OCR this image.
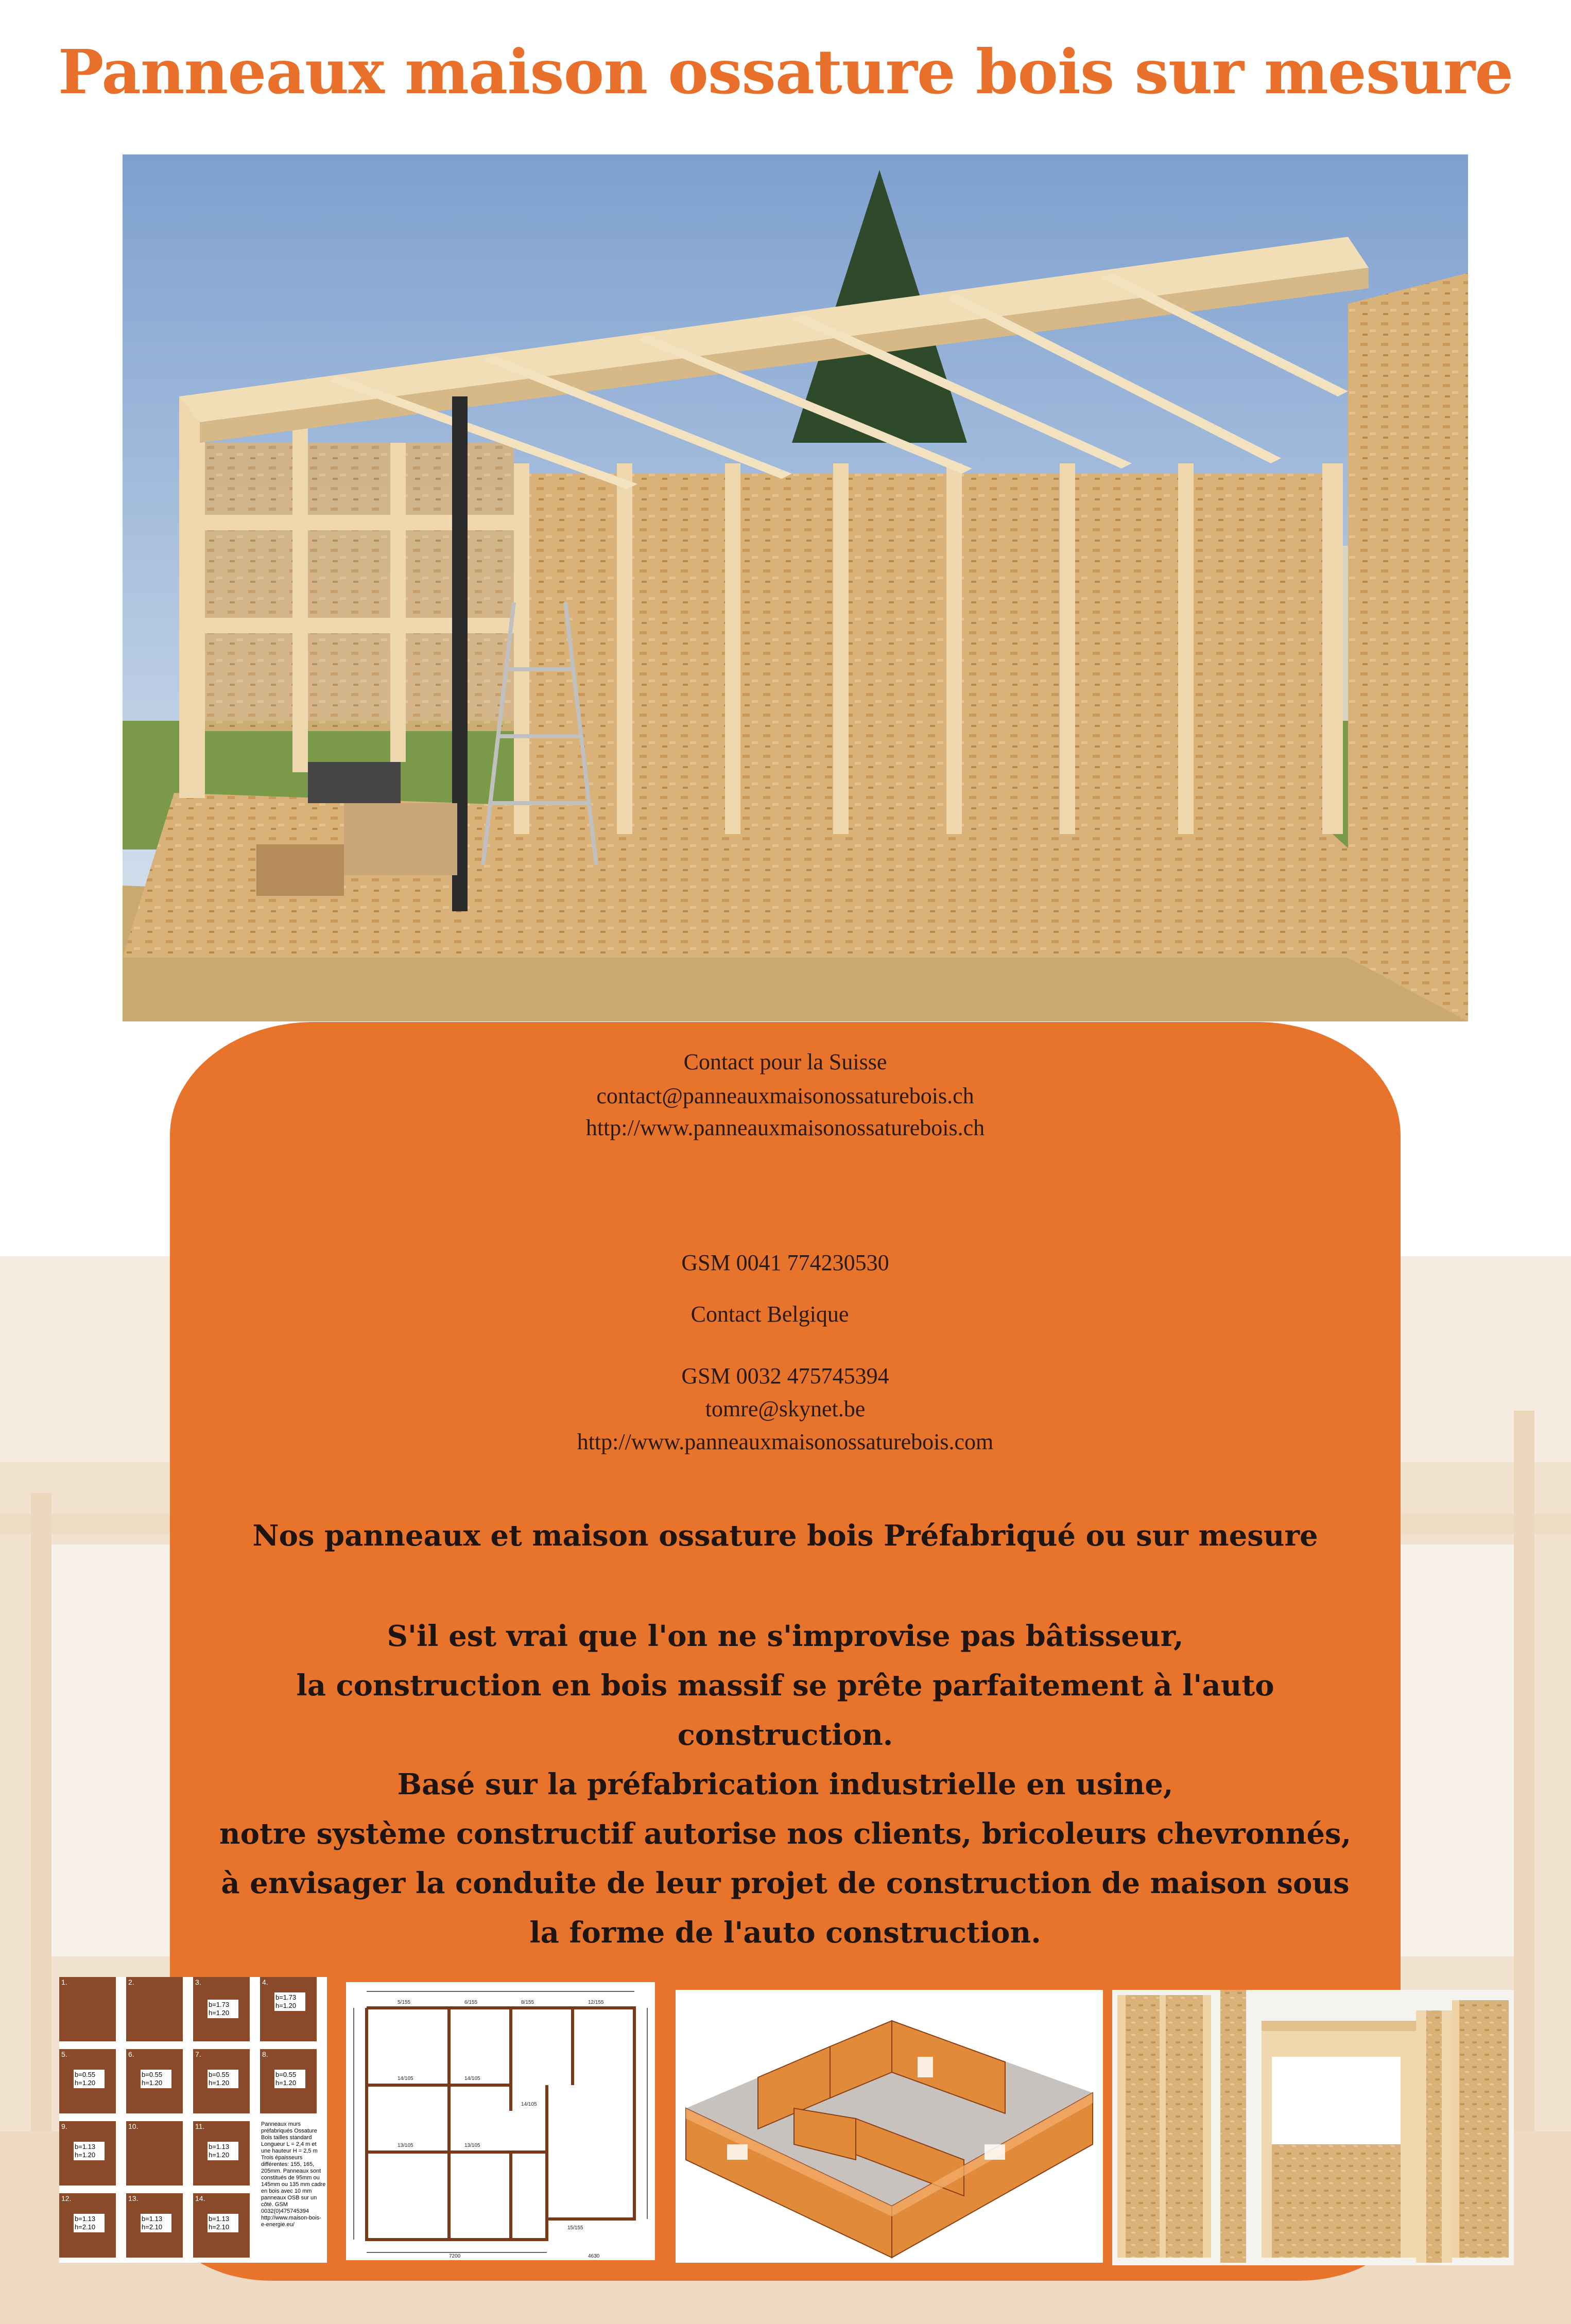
Panneaux maison ossature bois sur mesure
Contact pour la Suisse
contact@panneauxmaisonossaturebois.ch
http://www.panneauxmaisonossaturebois.ch
GSM 0041 774230530
Contact Belgique
GSM 0032 475745394
tomre@skynet.be
http://www.panneauxmaisonossaturebois.com
Nos panneaux et maison ossature bois Préfabriqué ou sur mesure
S'il est vrai que l'on ne s'improvise pas bâtisseur,
la construction en bois massif se prête parfaitement à l'auto
construction.
Basé sur la préfabrication industrielle en usine,
notre système constructif autorise nos clients, bricoleurs chevronnés,
à envisager la conduite de leur projet de construction de maison sous
la forme de l'auto construction.
1.	2.	3.
b=1.73 h=1.20
4.
b=1.73 h=1.20
5.
b=0.55 h=1.20
6.
b=0.55 h=1.20
7.
b=0.55 h=1.20
8.
b=0.55 h=1.20
9.
b=1.13 h=1.20
10.	11.
b=1.13 h=1.20
Panneaux murs préfabriqués Ossature Bois tailles standard Longueur L = 2,4 m et une hauteur H = 2,5 m Trois épaisseurs différentes: 155, 165, 205mm. Panneaux sont constitués de 95mm ou 145mm ou 135 mm cadre en bois avec 10 mm panneaux OSB sur un côté. GSM 0032(0)475745394 http://www.maison-bois-e-energie.eu/
12.
b=1.13 h=2.10
13.
b=1.13 h=2.10
14.
b=1.13 h=2.10
5/155	6/155	8/155	12/155
14/105	14/105
14/105
13/105	13/105
15/155
7200	4630
